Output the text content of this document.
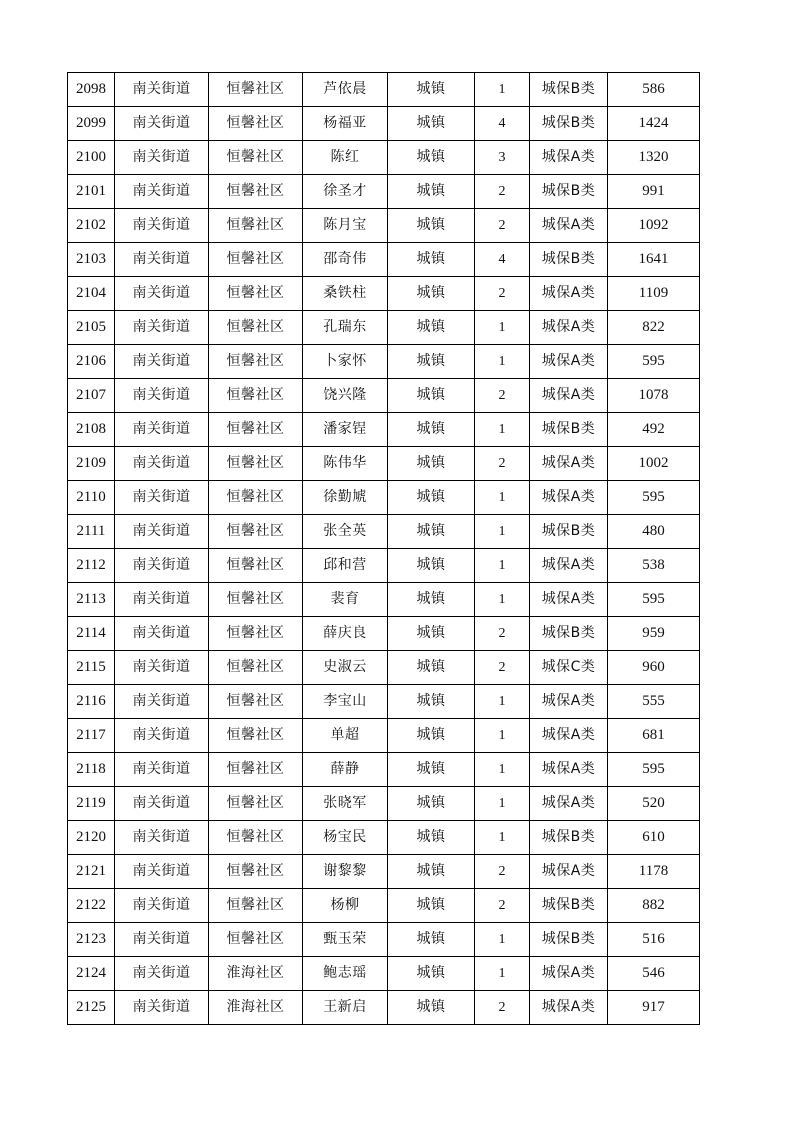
2098	南关街道	恒馨社区	芦依晨	城镇	1	城保B类	586
2099	南关街道	恒馨社区	杨福亚	城镇	4	城保B类	1424
2100	南关街道	恒馨社区	陈红	城镇	3	城保A类	1320
2101	南关街道	恒馨社区	徐圣才	城镇	2	城保B类	991
2102	南关街道	恒馨社区	陈月宝	城镇	2	城保A类	1092
2103	南关街道	恒馨社区	邵奇伟	城镇	4	城保B类	1641
2104	南关街道	恒馨社区	桑铁柱	城镇	2	城保A类	1109
2105	南关街道	恒馨社区	孔瑞东	城镇	1	城保A类	822
2106	南关街道	恒馨社区	卜家怀	城镇	1	城保A类	595
2107	南关街道	恒馨社区	饶兴隆	城镇	2	城保A类	1078
2108	南关街道	恒馨社区	潘家锃	城镇	1	城保B类	492
2109	南关街道	恒馨社区	陈伟华	城镇	2	城保A类	1002
2110	南关街道	恒馨社区	徐勤虓	城镇	1	城保A类	595
2111	南关街道	恒馨社区	张全英	城镇	1	城保B类	480
2112	南关街道	恒馨社区	邱和营	城镇	1	城保A类	538
2113	南关街道	恒馨社区	裴育	城镇	1	城保A类	595
2114	南关街道	恒馨社区	薛庆良	城镇	2	城保B类	959
2115	南关街道	恒馨社区	史淑云	城镇	2	城保C类	960
2116	南关街道	恒馨社区	李宝山	城镇	1	城保A类	555
2117	南关街道	恒馨社区	单超	城镇	1	城保A类	681
2118	南关街道	恒馨社区	薛静	城镇	1	城保A类	595
2119	南关街道	恒馨社区	张晓军	城镇	1	城保A类	520
2120	南关街道	恒馨社区	杨宝民	城镇	1	城保B类	610
2121	南关街道	恒馨社区	谢黎黎	城镇	2	城保A类	1178
2122	南关街道	恒馨社区	杨柳	城镇	2	城保B类	882
2123	南关街道	恒馨社区	甄玉荣	城镇	1	城保B类	516
2124	南关街道	淮海社区	鲍志瑶	城镇	1	城保A类	546
2125	南关街道	淮海社区	王新启	城镇	2	城保A类	917
